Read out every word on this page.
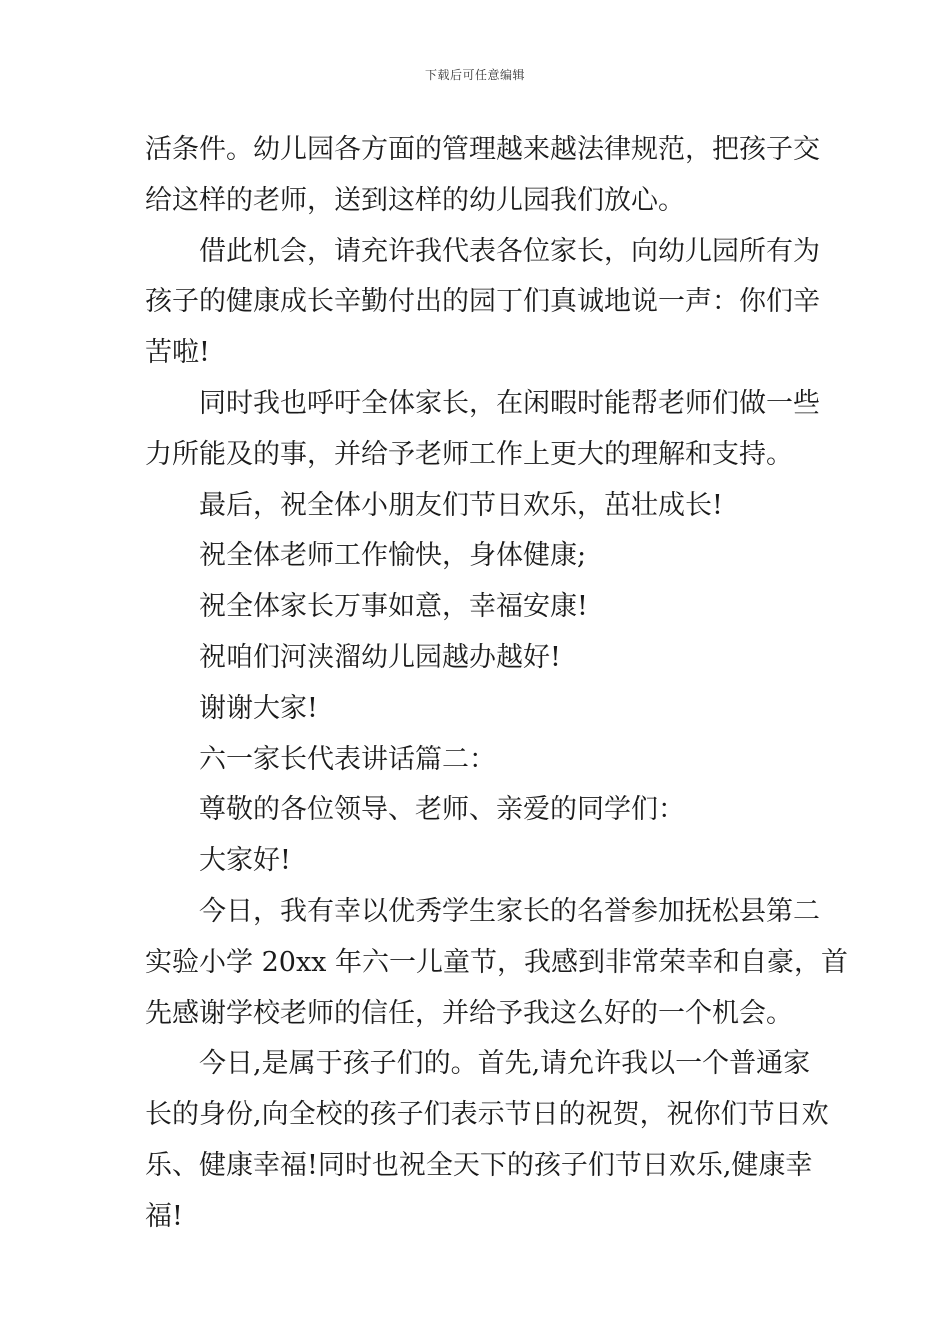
下载后可任意编辑

活条件。幼儿园各方面的管理越来越法律规范，把孩子交
给这样的老师，送到这样的幼儿园我们放心。

借此机会，请充许我代表各位家长，向幼儿园所有为
孩子的健康成长辛勤付出的园丁们真诚地说一声：你们辛
苦啦!

同时我也呼吁全体家长，在闲暇时能帮老师们做一些
力所能及的事，并给予老师工作上更大的理解和支持。

最后，祝全体小朋友们节日欢乐，茁壮成长!

祝全体老师工作愉快，身体健康;

祝全体家长万事如意，幸福安康!

祝咱们河浃溜幼儿园越办越好!

谢谢大家!

六一家长代表讲话篇二：

尊敬的各位领导、老师、亲爱的同学们：

大家好!

今日，我有幸以优秀学生家长的名誉参加抚松县第二
实验小学 20xx 年六一儿童节，我感到非常荣幸和自豪，首
先感谢学校老师的信任，并给予我这么好的一个机会。

今日,是属于孩子们的。首先,请允许我以一个普通家
长的身份,向全校的孩子们表示节日的祝贺，祝你们节日欢
乐、健康幸福!同时也祝全天下的孩子们节日欢乐,健康幸
福!
